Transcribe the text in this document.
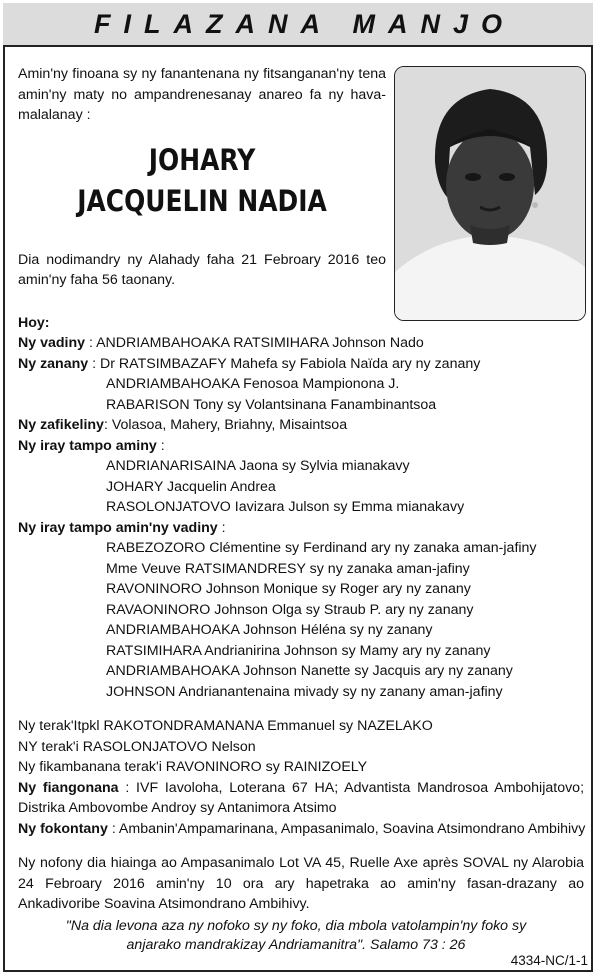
FILAZANA MANJO
Amin'ny finoana sy ny fanantenana ny fitsanganan'ny tena amin'ny maty no ampandrenesanay anareo fa ny hava-malalanay :
JOHARY
JACQUELIN NADIA
Dia nodimandry ny Alahady faha 21 Febroary 2016 teo amin'ny faha 56 taonany.
Hoy:
Ny vadiny : ANDRIAMBAHOAKA RATSIMIHARA Johnson Nado
Ny zanany : Dr RATSIMBAZAFY Mahefa sy Fabiola Naïda ary ny zanany
ANDRIAMBAHOAKA Fenosoa Mampionona J.
RABARISON Tony sy Volantsinana Fanambinantsoa
Ny zafikeliny: Volasoa, Mahery, Briahny, Misaintsoa
Ny iray tampo aminy :
ANDRIANARISAINA Jaona sy Sylvia mianakavy
JOHARY Jacquelin Andrea
RASOLONJATOVO Iavizara Julson sy Emma mianakavy
Ny iray tampo amin'ny vadiny :
RABEZOZORO Clémentine sy Ferdinand ary ny zanaka aman-jafiny
Mme Veuve RATSIMANDRESY sy ny zanaka aman-jafiny
RAVONINORO Johnson Monique sy Roger ary ny zanany
RAVAONINORO Johnson Olga sy Straub P. ary ny zanany
ANDRIAMBAHOAKA Johnson Héléna sy ny zanany
RATSIMIHARA Andrianirina Johnson sy Mamy ary ny zanany
ANDRIAMBAHOAKA Johnson Nanette sy Jacquis ary ny zanany
JOHNSON Andrianantenaina mivady sy ny zanany aman-jafiny
Ny terak'Itpkl RAKOTONDRAMANANA Emmanuel sy NAZELAKO
NY terak'i RASOLONJATOVO Nelson
Ny fikambanana terak'i RAVONINORO sy RAINIZOELY
Ny fiangonana : IVF Iavoloha, Loterana 67 HA; Advantista Mandrosoa Ambohijatovo; Distrika Ambovombe Androy sy Antanimora Atsimo
Ny fokontany : Ambanin'Ampamarinana, Ampasanimalo, Soavina Atsimondrano Ambihivy
Ny nofony dia hiainga ao Ampasanimalo Lot VA 45, Ruelle Axe après SOVAL ny Alarobia 24 Febroary 2016 amin'ny 10 ora ary hapetraka ao amin'ny fasan-drazany ao Ankadivoribe Soavina Atsimondrano Ambihivy.
"Na dia levona aza ny nofoko sy ny foko, dia mbola vatolampin'ny foko sy
anjarako mandrakizay Andriamanitra". Salamo 73 : 26
4334-NC/1-1
